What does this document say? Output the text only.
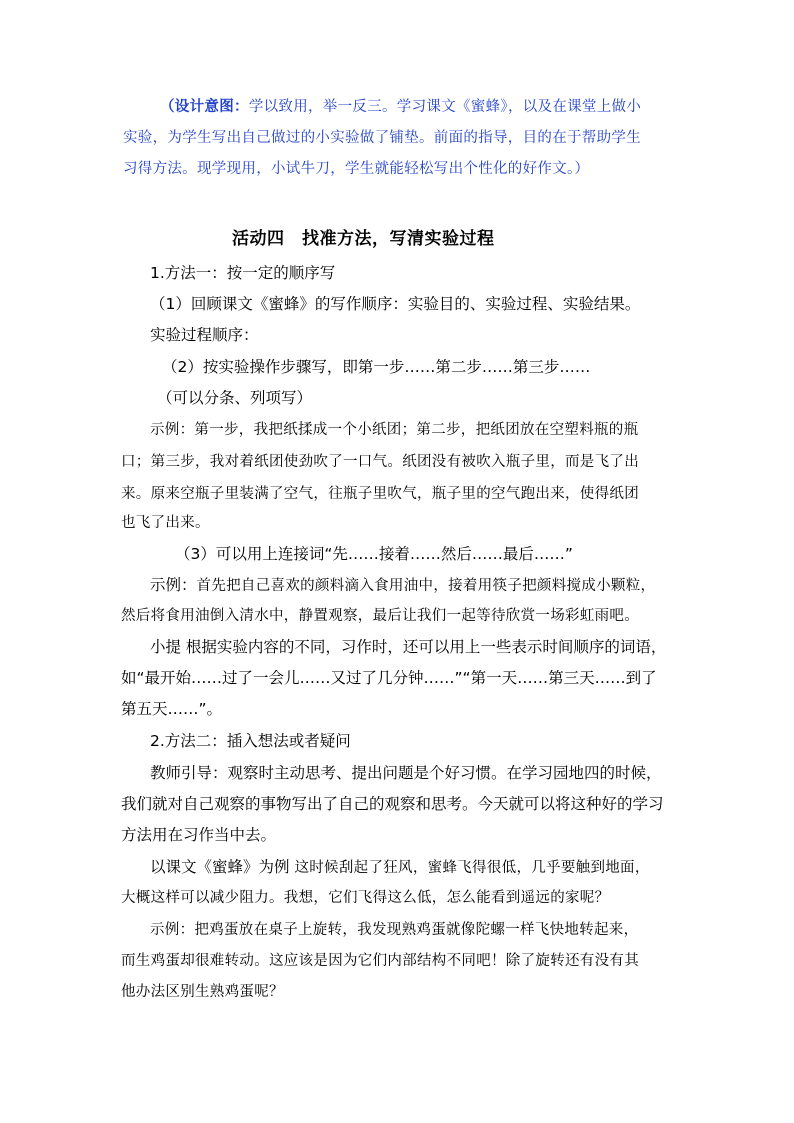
（设计意图：学以致用，举一反三。学习课文《蜜蜂》，以及在课堂上做小
实验，为学生写出自己做过的小实验做了铺垫。前面的指导，目的在于帮助学生
习得方法。现学现用，小试牛刀，学生就能轻松写出个性化的好作文。）
活动四　找准方法，写清实验过程
1.方法一：按一定的顺序写
（1）回顾课文《蜜蜂》的写作顺序：实验目的、实验过程、实验结果。
实验过程顺序：
（2）按实验操作步骤写，即第一步……第二步……第三步……
（可以分条、列项写）
示例：第一步，我把纸揉成一个小纸团；第二步，把纸团放在空塑料瓶的瓶
口；第三步，我对着纸团使劲吹了一口气。纸团没有被吹入瓶子里，而是飞了出
来。原来空瓶子里装满了空气，往瓶子里吹气，瓶子里的空气跑出来，使得纸团
也飞了出来。
（3）可以用上连接词“先……接着……然后……最后……”
示例：首先把自己喜欢的颜料滴入食用油中，接着用筷子把颜料搅成小颗粒，
然后将食用油倒入清水中，静置观察，最后让我们一起等待欣赏一场彩虹雨吧。
小提 根据实验内容的不同，习作时，还可以用上一些表示时间顺序的词语，
如“最开始……过了一会儿……又过了几分钟……”“第一天……第三天……到了
第五天……”。
2.方法二：插入想法或者疑问
教师引导：观察时主动思考、提出问题是个好习惯。在学习园地四的时候，
我们就对自己观察的事物写出了自己的观察和思考。今天就可以将这种好的学习
方法用在习作当中去。
以课文《蜜蜂》为例 这时候刮起了狂风，蜜蜂飞得很低，几乎要触到地面，
大概这样可以减少阻力。我想，它们飞得这么低，怎么能看到遥远的家呢？
示例：把鸡蛋放在桌子上旋转，我发现熟鸡蛋就像陀螺一样飞快地转起来，
而生鸡蛋却很难转动。这应该是因为它们内部结构不同吧！除了旋转还有没有其
他办法区别生熟鸡蛋呢？
